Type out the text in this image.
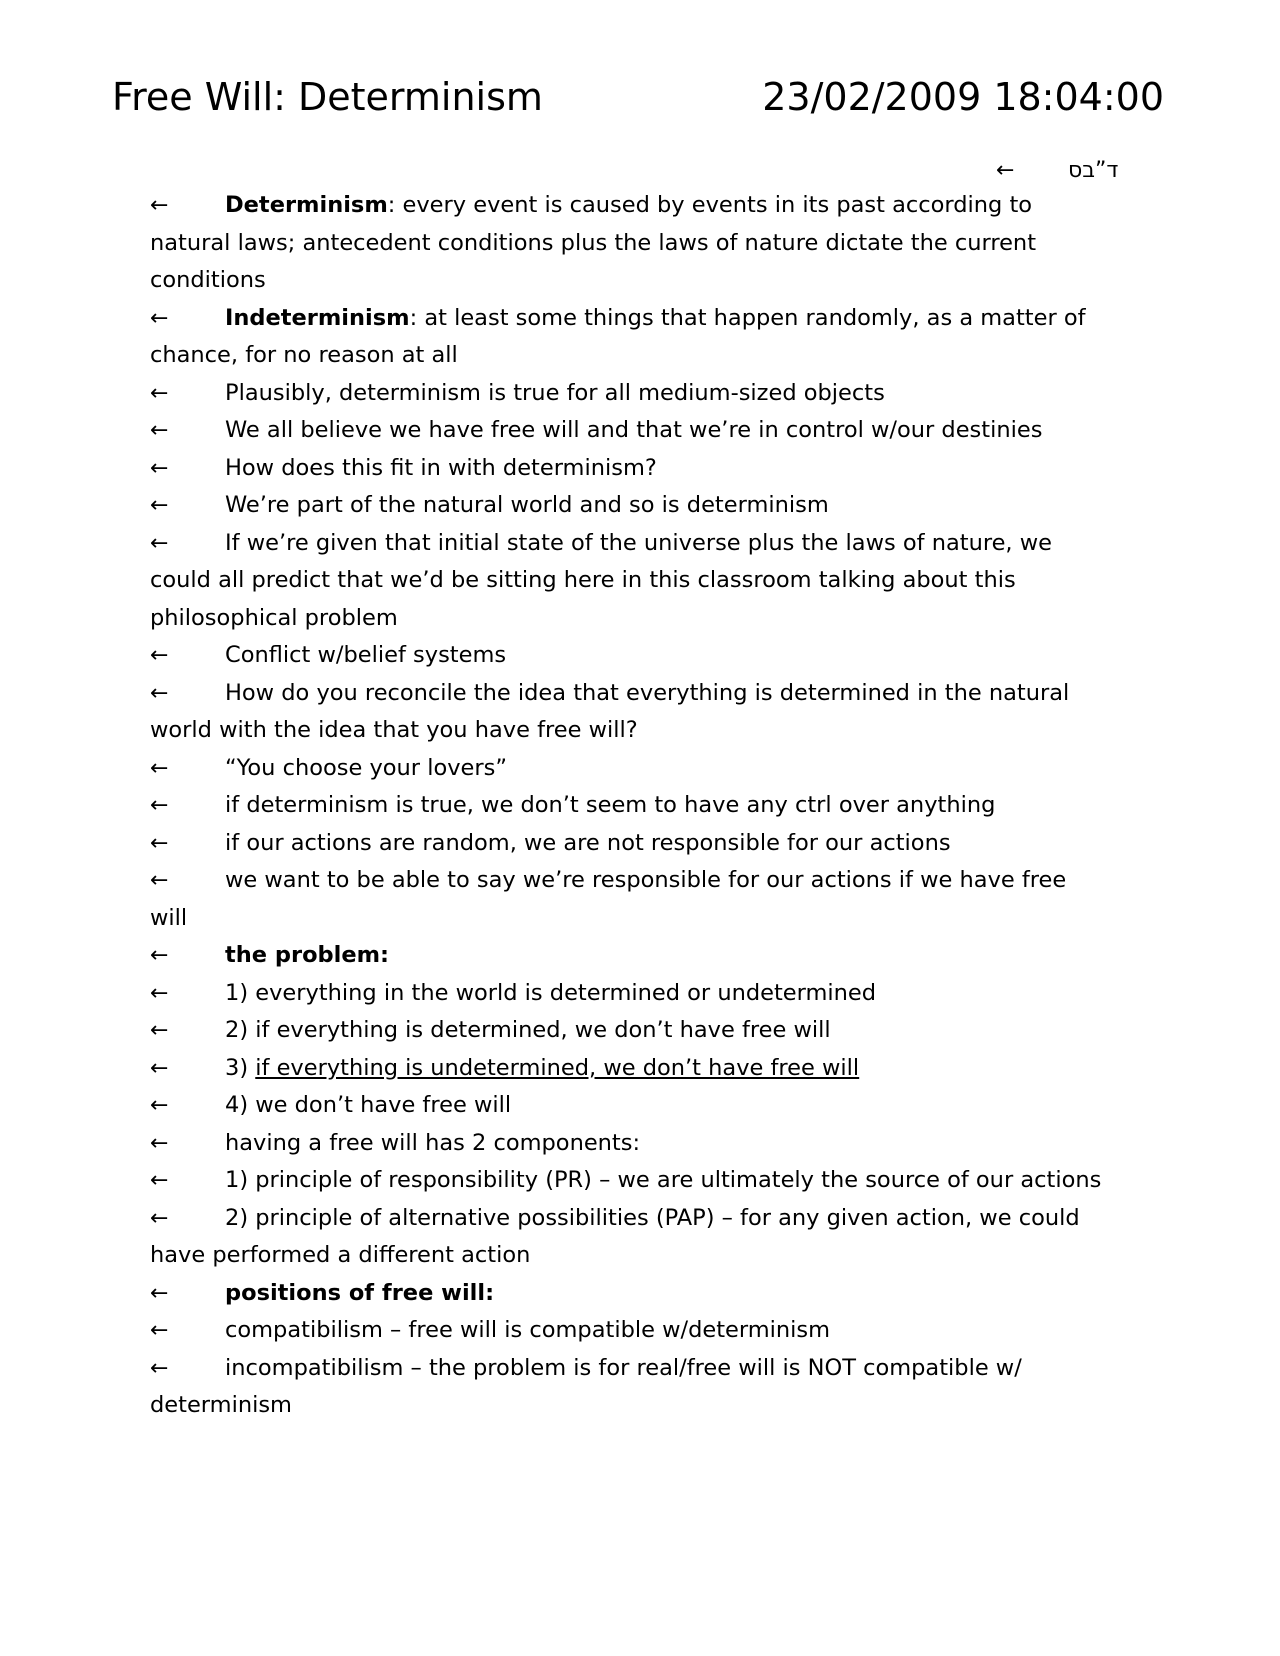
Free Will: Determinism	23/02/2009 18:04:00
← ד”בס

←	Determinism: every event is caused by events in its past according to natural laws; antecedent conditions plus the laws of nature dictate the current conditions

←	Indeterminism: at least some things that happen randomly, as a matter of chance, for no reason at all

←	Plausibly, determinism is true for all medium-sized objects

←	We all believe we have free will and that we’re in control w/our destinies

←	How does this fit in with determinism?

←	We’re part of the natural world and so is determinism

←	If we’re given that initial state of the universe plus the laws of nature, we could all predict that we’d be sitting here in this classroom talking about this philosophical problem

←	Conflict w/belief systems

←	How do you reconcile the idea that everything is determined in the natural world with the idea that you have free will?

←	“You choose your lovers”

←	if determinism is true, we don’t seem to have any ctrl over anything

←	if our actions are random, we are not responsible for our actions

←	we want to be able to say we’re responsible for our actions if we have free will

←	the problem:

←	1) everything in the world is determined or undetermined

←	2) if everything is determined, we don’t have free will

←	3) if everything is undetermined, we don’t have free will

←	4) we don’t have free will

←	having a free will has 2 components:

←	1) principle of responsibility (PR) – we are ultimately the source of our actions

←	2) principle of alternative possibilities (PAP) – for any given action, we could have performed a different action

←	positions of free will:

←	compatibilism – free will is compatible w/determinism

←	incompatibilism – the problem is for real/free will is NOT compatible w/ determinism
